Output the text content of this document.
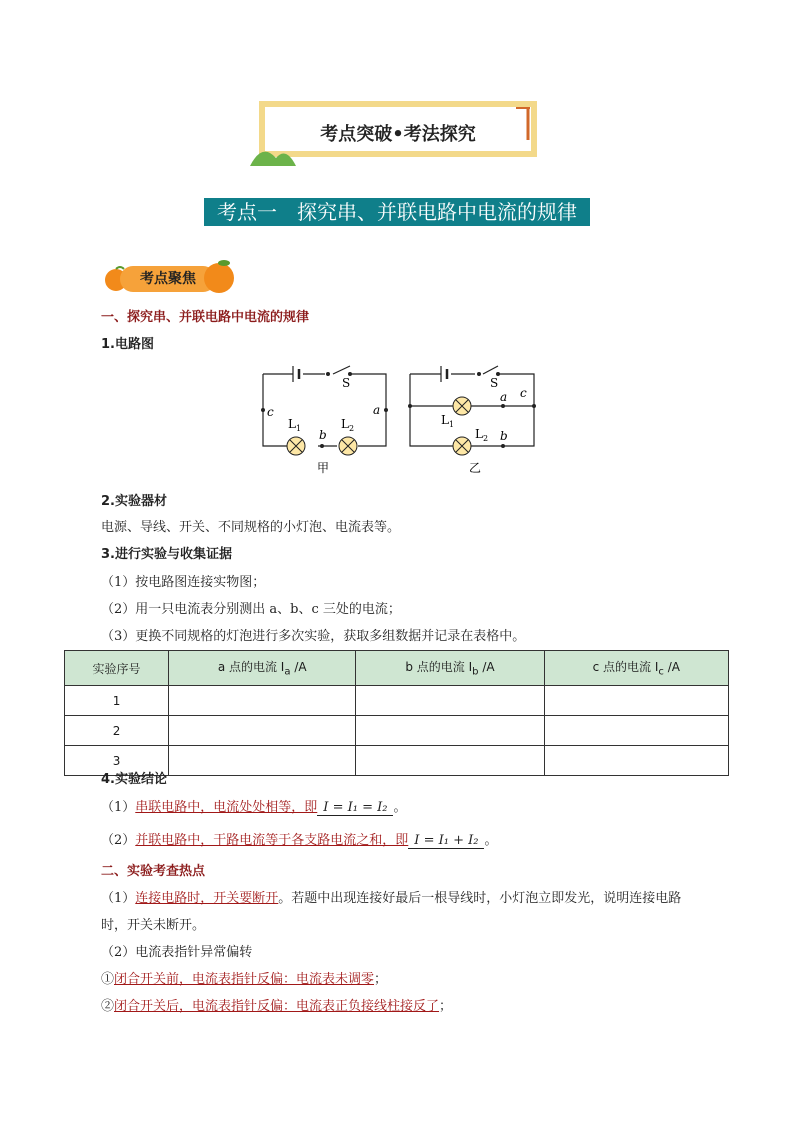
考点突破•考法探究
考点一　探究串、并联电路中电流的规律
考点聚焦
一、探究串、并联电路中电流的规律
1.电路图
S
c	a
b
L 1	L 2
甲
S
a c
b
L 1
L 2
乙
2.实验器材
电源、导线、开关、不同规格的小灯泡、电流表等。
3.进行实验与收集证据
（1）按电路图连接实物图；
（2）用一只电流表分别测出 a、b、c 三处的电流；
（3）更换不同规格的灯泡进行多次实验，获取多组数据并记录在表格中。
实验序号	a 点的电流 $I_a$ /A	b 点的电流 $I_b$ /A	c 点的电流 $I_c$ /A
1			
2			
3			
4.实验结论
（1）串联电路中，电流处处相等，即 I = I₁ = I₂ 。
（2）并联电路中，干路电流等于各支路电流之和，即 I = I₁ + I₂ 。
二、实验考查热点
（1）连接电路时，开关要断开。若题中出现连接好最后一根导线时，小灯泡立即发光，说明连接电路
时，开关未断开。
（2）电流表指针异常偏转
①闭合开关前，电流表指针反偏：电流表未调零；
②闭合开关后，电流表指针反偏：电流表正负接线柱接反了；
